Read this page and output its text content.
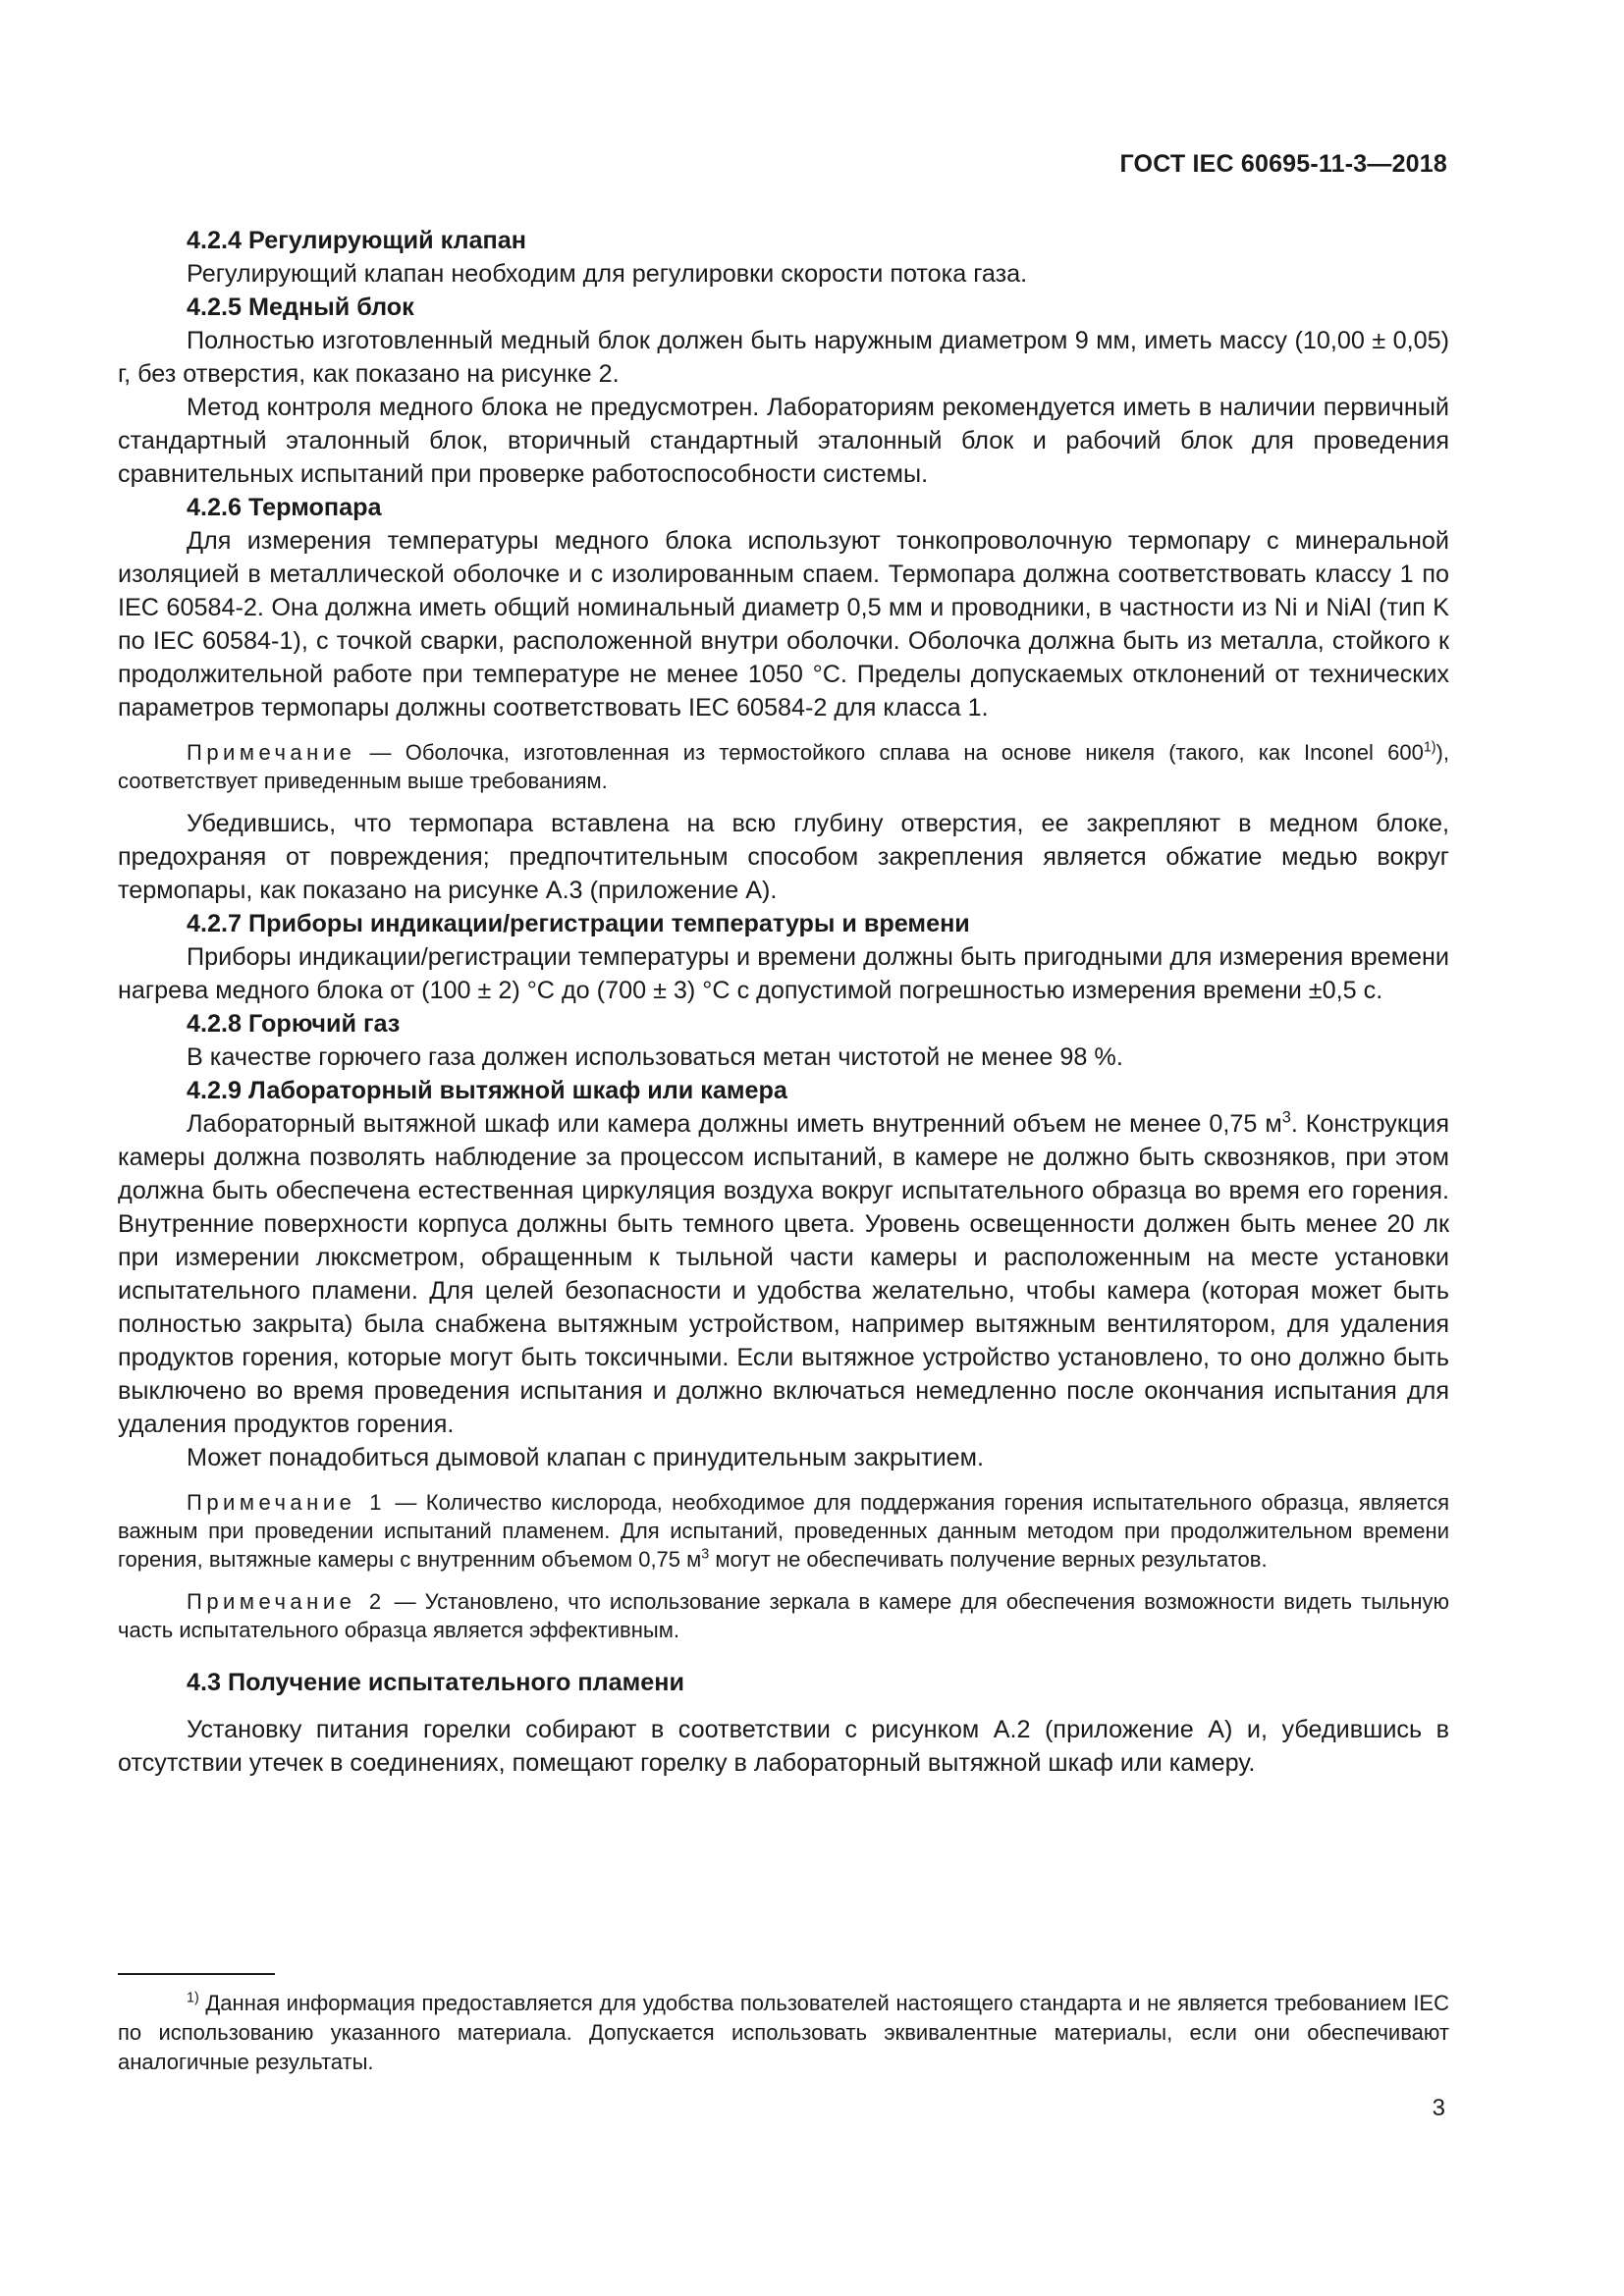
ГОСТ IEC 60695-11-3—2018

4.2.4 Регулирующий клапан

Регулирующий клапан необходим для регулировки скорости потока газа.

4.2.5 Медный блок

Полностью изготовленный медный блок должен быть наружным диаметром 9 мм, иметь массу (10,00 ± 0,05) г, без отверстия, как показано на рисунке 2.

Метод контроля медного блока не предусмотрен. Лабораториям рекомендуется иметь в наличии первичный стандартный эталонный блок, вторичный стандартный эталонный блок и рабочий блок для проведения сравнительных испытаний при проверке работоспособности системы.

4.2.6 Термопара

Для измерения температуры медного блока используют тонкопроволочную термопару с минеральной изоляцией в металлической оболочке и с изолированным спаем. Термопара должна соответствовать классу 1 по IEC 60584-2. Она должна иметь общий номинальный диаметр 0,5 мм и проводники, в частности из Ni и NiAl (тип K по IEC 60584-1), с точкой сварки, расположенной внутри оболочки. Оболочка должна быть из металла, стойкого к продолжительной работе при температуре не менее 1050 °C. Пределы допускаемых отклонений от технических параметров термопары должны соответствовать IEC 60584-2 для класса 1.

Примечание — Оболочка, изготовленная из термостойкого сплава на основе никеля (такого, как Inconel 600$^{1)}$), соответствует приведенным выше требованиям.

Убедившись, что термопара вставлена на всю глубину отверстия, ее закрепляют в медном блоке, предохраняя от повреждения; предпочтительным способом закрепления является обжатие медью вокруг термопары, как показано на рисунке А.3 (приложение А).

4.2.7 Приборы индикации/регистрации температуры и времени

Приборы индикации/регистрации температуры и времени должны быть пригодными для измерения времени нагрева медного блока от (100 ± 2) °C до (700 ± 3) °C с допустимой погрешностью измерения времени ±0,5 с.

4.2.8 Горючий газ

В качестве горючего газа должен использоваться метан чистотой не менее 98 %.

4.2.9 Лабораторный вытяжной шкаф или камера

Лабораторный вытяжной шкаф или камера должны иметь внутренний объем не менее 0,75 $м^3$. Конструкция камеры должна позволять наблюдение за процессом испытаний, в камере не должно быть сквозняков, при этом должна быть обеспечена естественная циркуляция воздуха вокруг испытательного образца во время его горения. Внутренние поверхности корпуса должны быть темного цвета. Уровень освещенности должен быть менее 20 лк при измерении люксметром, обращенным к тыльной части камеры и расположенным на месте установки испытательного пламени. Для целей безопасности и удобства желательно, чтобы камера (которая может быть полностью закрыта) была снабжена вытяжным устройством, например вытяжным вентилятором, для удаления продуктов горения, которые могут быть токсичными. Если вытяжное устройство установлено, то оно должно быть выключено во время проведения испытания и должно включаться немедленно после окончания испытания для удаления продуктов горения.

Может понадобиться дымовой клапан с принудительным закрытием.

Примечание 1 — Количество кислорода, необходимое для поддержания горения испытательного образца, является важным при проведении испытаний пламенем. Для испытаний, проведенных данным методом при продолжительном времени горения, вытяжные камеры с внутренним объемом 0,75 $м^3$ могут не обеспечивать получение верных результатов.

Примечание 2 — Установлено, что использование зеркала в камере для обеспечения возможности видеть тыльную часть испытательного образца является эффективным.

4.3 Получение испытательного пламени

Установку питания горелки собирают в соответствии с рисунком А.2 (приложение А) и, убедившись в отсутствии утечек в соединениях, помещают горелку в лабораторный вытяжной шкаф или камеру.

$^{1)}$ Данная информация предоставляется для удобства пользователей настоящего стандарта и не является требованием IEC по использованию указанного материала. Допускается использовать эквивалентные материалы, если они обеспечивают аналогичные результаты.
3
